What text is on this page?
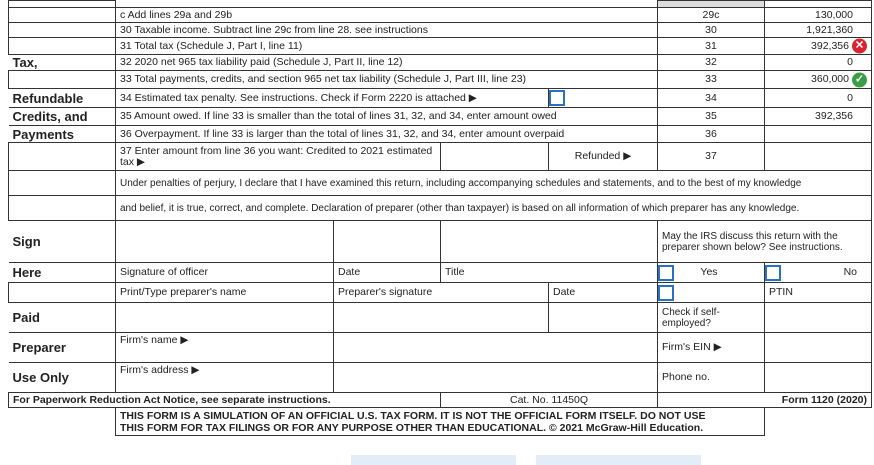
	c Add lines 29a and 29b				29c	130,000
	30 Taxable income. Subtract line 29c from line 28. see instructions				30	1,921,360
	31 Total tax (Schedule J, Part I, line 11)				31	392,356 ✕

Tax,	32 2020 net 965 tax liability paid (Schedule J, Part II, line 12)				32	0
	33 Total payments, credits, and section 965 net tax liability (Schedule J, Part III, line 23)				33	360,000 ✓

Refundable	34 Estimated tax penalty. See instructions. Check if Form 2220 is attached ▶				34	0
Credits, and	35 Amount owed. If line 33 is smaller than the total of lines 31, 32, and 34, enter amount owed				35	392,356
Payments	36 Overpayment. If line 33 is larger than the total of lines 31, 32, and 34, enter amount overpaid				36	
	37 Enter amount from line 36 you want: Credited to 2021 estimated tax ▶			Refunded ▶	37	
	Under penalties of perjury, I declare that I have examined this return, including accompanying schedules and statements, and to the best of my knowledge					
	and belief, it is true, correct, and complete. Declaration of preparer (other than taxpayer) is based on all information of which preparer has any knowledge.					
Sign					May the IRS discuss this return with the preparer shown below? See instructions.	
Here	Signature of officer	Date	Title		Yes	No
	Print/Type preparer's name	Preparer's signature		Date		PTIN
Paid					Check if self-employed?	
Preparer	Firm's name ▶				Firm's EIN ▶	
Use Only	Firm's address ▶				Phone no.	
For Paperwork Reduction Act Notice, see separate instructions.			Cat. No. 11450Q		Form 1120 (2020)	

	THIS FORM IS A SIMULATION OF AN OFFICIAL U.S. TAX FORM. IT IS NOT THE OFFICIAL FORM ITSELF. DO NOT USE
THIS FORM FOR TAX FILINGS OR FOR ANY PURPOSE OTHER THAN EDUCATIONAL. © 2021 McGraw-Hill Education.					
